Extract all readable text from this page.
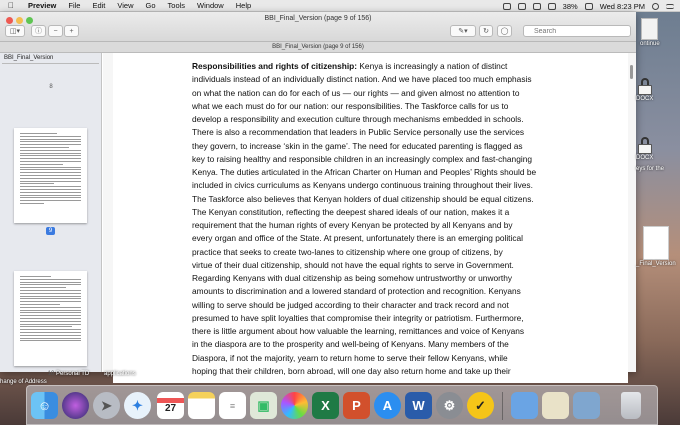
Preview	File	Edit	View	Go	Tools	Window	Help	38%	Wed 8:23 PM
BBI_Final_Version (page 9 of 156)
◫▾ ⓘ − +	✎▾ ↻ ◯
Search
BBI_Final_Version (page 9 of 156)
BBI_Final_Version
8
9
10
Responsibilities and rights of citizenship: Kenya is increasingly a nation of distinct
individuals instead of an individually distinct nation. And we have placed too much emphasis
on what the nation can do for each of us — our rights — and given almost no attention to
what we each must do for our nation: our responsibilities. The Taskforce calls for us to
develop a responsibility and execution culture through mechanisms embedded in schools.
There is also a recommendation that leaders in Public Service personally use the services
they govern, to increase ‘skin in the game’. The need for educated parenting is flagged as
key to raising healthy and responsible children in an increasingly complex and fast-changing
Kenya. The duties articulated in the African Charter on Human and Peoples’ Rights should be
included in civics curriculums as Kenyans undergo continuous training throughout their lives.
The Taskforce also believes that Kenyan holders of dual citizenship should be equal citizens.
The Kenyan constitution, reflecting the deepest shared ideals of our nation, makes it a
requirement that the human rights of every Kenyan be protected by all Kenyans and by
every organ and office of the State. At present, unfortunately there is an emerging political
practice that seeks to create two-lanes to citizenship where one group of citizens, by
virtue of their dual citizenship, should not have the equal rights to serve in Government.
Regarding Kenyans with dual citizenship as being somehow untrustworthy or unworthy
amounts to discrimination and a lowered standard of protection and recognition. Kenyans
willing to serve should be judged according to their character and track record and not
presumed to have split loyalties that compromise their integrity or patriotism. Furthermore,
there is little argument about how valuable the learning, remittances and voice of Kenyans
in the diaspora are to the prosperity and well-being of Kenyans. Many members of the
Diaspora, if not the majority, yearn to return home to serve their fellow Kenyans, while
hoping that their children, born abroad, will one day also return home and take up their
ontinue
DOCX
DOCX
eys for the
_Final_Version
hange of Address
Personal TD applications
☺	➤	✦	27	≡	▣	X	P	A	W	⚙	✓
